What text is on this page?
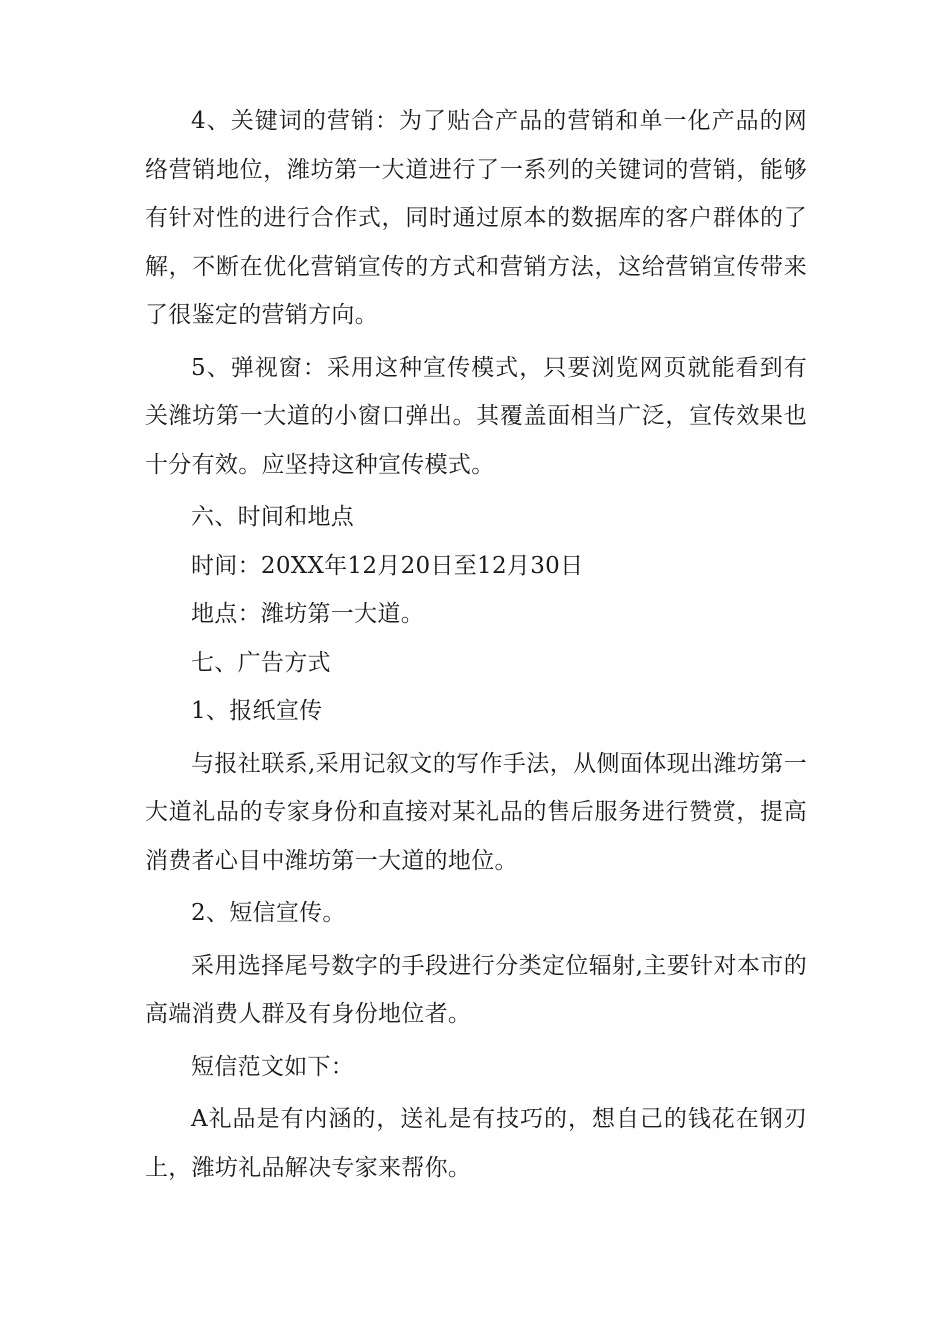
4、关键词的营销：为了贴合产品的营销和单一化产品的网络营销地位，潍坊第一大道进行了一系列的关键词的营销，能够有针对性的进行合作式，同时通过原本的数据库的客户群体的了解，不断在优化营销宣传的方式和营销方法，这给营销宣传带来了很鉴定的营销方向。

5、弹视窗：采用这种宣传模式，只要浏览网页就能看到有关潍坊第一大道的小窗口弹出。其覆盖面相当广泛，宣传效果也十分有效。应坚持这种宣传模式。

六、时间和地点

时间：20XX年12月20日至12月30日

地点：潍坊第一大道。

七、广告方式

1、报纸宣传

与报社联系,采用记叙文的写作手法，从侧面体现出潍坊第一大道礼品的专家身份和直接对某礼品的售后服务进行赞赏，提高消费者心目中潍坊第一大道的地位。

2、短信宣传。

采用选择尾号数字的手段进行分类定位辐射,主要针对本市的高端消费人群及有身份地位者。

短信范文如下：

A礼品是有内涵的，送礼是有技巧的，想自己的钱花在钢刃上，潍坊礼品解决专家来帮你。
